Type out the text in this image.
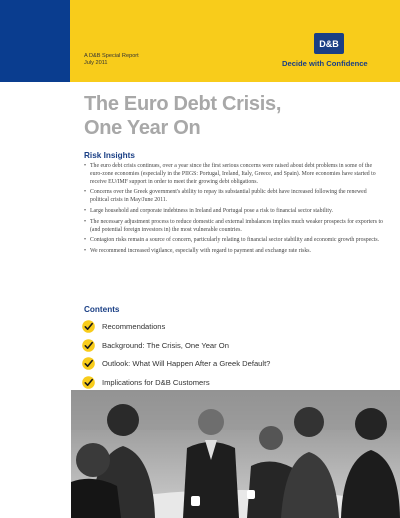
A D&B Special Report
July 2011
D&B
Decide with Confidence
The Euro Debt Crisis,
One Year On
Risk Insights
• The euro debt crisis continues, over a year since the first serious concerns were raised about debt problems in some of the euro-zone economies (especially in the PIIGS: Portugal, Ireland, Italy, Greece, and Spain). More economies have started to receive EU/IMF support in order to meet their growing debt obligations.
• Concerns over the Greek government's ability to repay its substantial public debt have increased following the renewed political crisis in May/June 2011.
• Large household and corporate indebtness in Ireland and Portugal pose a risk to financial sector stability.
• The necessary adjustment process to reduce domestic and external imbalances implies much weaker prospects for exporters to (and potential foreign investors in) the most vulnerable countries.
• Contagion risks remain a source of concern, particularly relating to financial sector stability and economic growth prospects.
• We recommend increased vigilance, especially with regard to payment and exchange rate risks.
Contents
Recommendations
Background: The Crisis, One Year On
Outlook: What Will Happen After a Greek Default?
Implications for D&B Customers
